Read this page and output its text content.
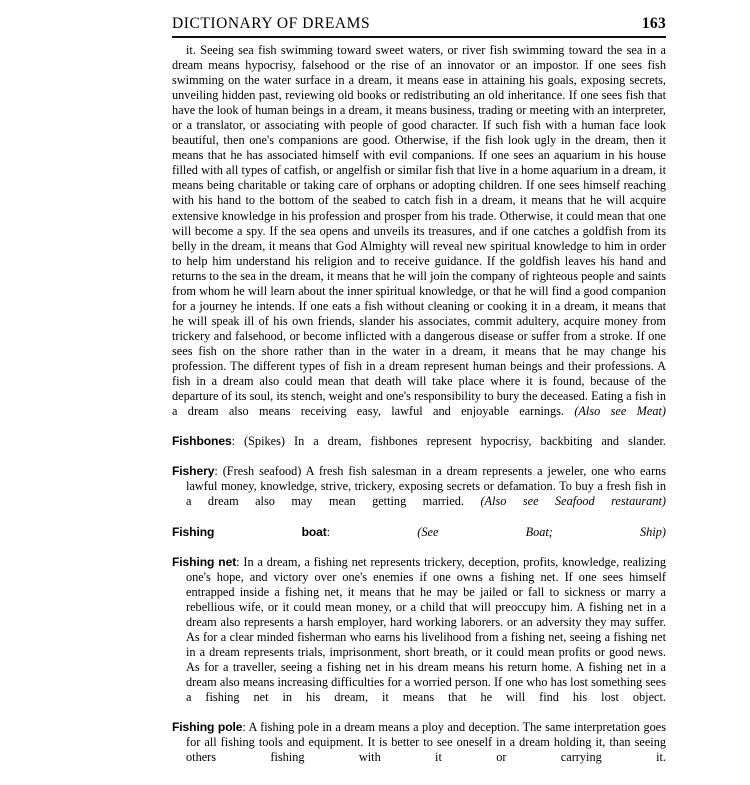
DICTIONARY OF DREAMS	163

it. Seeing sea fish swimming toward sweet waters, or river fish swimming toward the sea in a dream means hypocrisy, falsehood or the rise of an innovator or an impostor. If one sees fish swimming on the water surface in a dream, it means ease in attaining his goals, exposing secrets, unveiling hidden past, reviewing old books or redistributing an old inheritance. If one sees fish that have the look of human beings in a dream, it means business, trading or meeting with an interpreter, or a translator, or associating with people of good character. If such fish with a human face look beautiful, then one's companions are good. Otherwise, if the fish look ugly in the dream, then it means that he has associated himself with evil companions. If one sees an aquarium in his house filled with all types of catfish, or angelfish or similar fish that live in a home aquarium in a dream, it means being charitable or taking care of orphans or adopting children. If one sees himself reaching with his hand to the bottom of the seabed to catch fish in a dream, it means that he will acquire extensive knowledge in his profession and prosper from his trade. Otherwise, it could mean that one will become a spy. If the sea opens and unveils its treasures, and if one catches a goldfish from its belly in the dream, it means that God Almighty will reveal new spiritual knowledge to him in order to help him understand his religion and to receive guidance. If the goldfish leaves his hand and returns to the sea in the dream, it means that he will join the company of righteous people and saints from whom he will learn about the inner spiritual knowledge, or that he will find a good companion for a journey he intends. If one eats a fish without cleaning or cooking it in a dream, it means that he will speak ill of his own friends, slander his associates, commit adultery, acquire money from trickery and falsehood, or become inflicted with a dangerous disease or suffer from a stroke. If one sees fish on the shore rather than in the water in a dream, it means that he may change his profession. The different types of fish in a dream represent human beings and their professions. A fish in a dream also could mean that death will take place where it is found, because of the departure of its soul, its stench, weight and one's responsibility to bury the deceased. Eating a fish in a dream also means receiving easy, lawful and enjoyable earnings. (Also see Meat)

Fishbones: (Spikes) In a dream, fishbones represent hypocrisy, backbiting and slander.

Fishery: (Fresh seafood) A fresh fish salesman in a dream represents a jeweler, one who earns lawful money, knowledge, strive, trickery, exposing secrets or defamation. To buy a fresh fish in a dream also may mean getting married. (Also see Seafood restaurant)

Fishing boat: (See Boat; Ship)

Fishing net: In a dream, a fishing net represents trickery, deception, profits, knowledge, realizing one's hope, and victory over one's enemies if one owns a fishing net. If one sees himself entrapped inside a fishing net, it means that he may be jailed or fall to sickness or marry a rebellious wife, or it could mean money, or a child that will preoccupy him. A fishing net in a dream also represents a harsh employer, hard working laborers. or an adversity they may suffer. As for a clear minded fisherman who earns his livelihood from a fishing net, seeing a fishing net in a dream represents trials, imprisonment, short breath, or it could mean profits or good news. As for a traveller, seeing a fishing net in his dream means his return home. A fishing net in a dream also means increasing difficulties for a worried person. If one who has lost something sees a fishing net in his dream, it means that he will find his lost object.

Fishing pole: A fishing pole in a dream means a ploy and deception. The same interpretation goes for all fishing tools and equipment. It is better to see oneself in a dream holding it, than seeing others fishing with it or carrying it.
